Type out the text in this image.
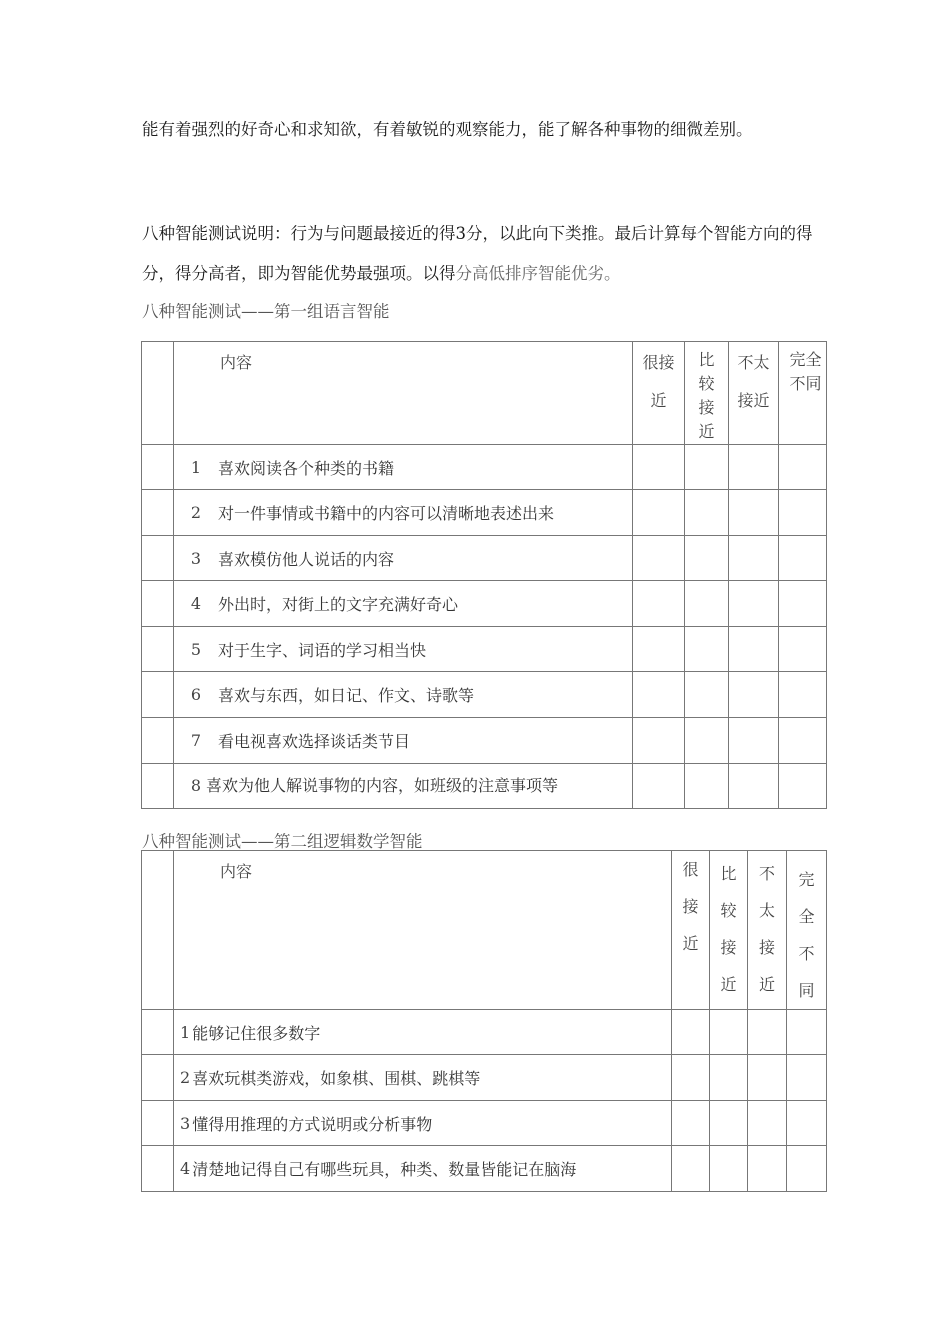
能有着强烈的好奇心和求知欲，有着敏锐的观察能力，能了解各种事物的细微差别。
八种智能测试说明：行为与问题最接近的得3分，以此向下类推。最后计算每个智能方向的得分，得分高者，即为智能优势最强项。以得分高低排序智能优劣。
八种智能测试——第一组语言智能

	内容	很接近	比较接近	不太接近	完全不同

	1 喜欢阅读各个种类的书籍				

	2 对一件事情或书籍中的内容可以清晰地表述出来				

	3 喜欢模仿他人说话的内容				

	4 外出时，对街上的文字充满好奇心				

	5 对于生字、词语的学习相当快				

	6 喜欢与东西，如日记、作文、诗歌等				

	7 看电视喜欢选择谈话类节目				

	8 喜欢为他人解说事物的内容，如班级的注意事项等				

八种智能测试——第二组逻辑数学智能

	内容	很接近	比较接近	不太接近	完全不同

	1 能够记住很多数字				

	2 喜欢玩棋类游戏，如象棋、围棋、跳棋等				

	3 懂得用推理的方式说明或分析事物				

	4 清楚地记得自己有哪些玩具，种类、数量皆能记在脑海				
